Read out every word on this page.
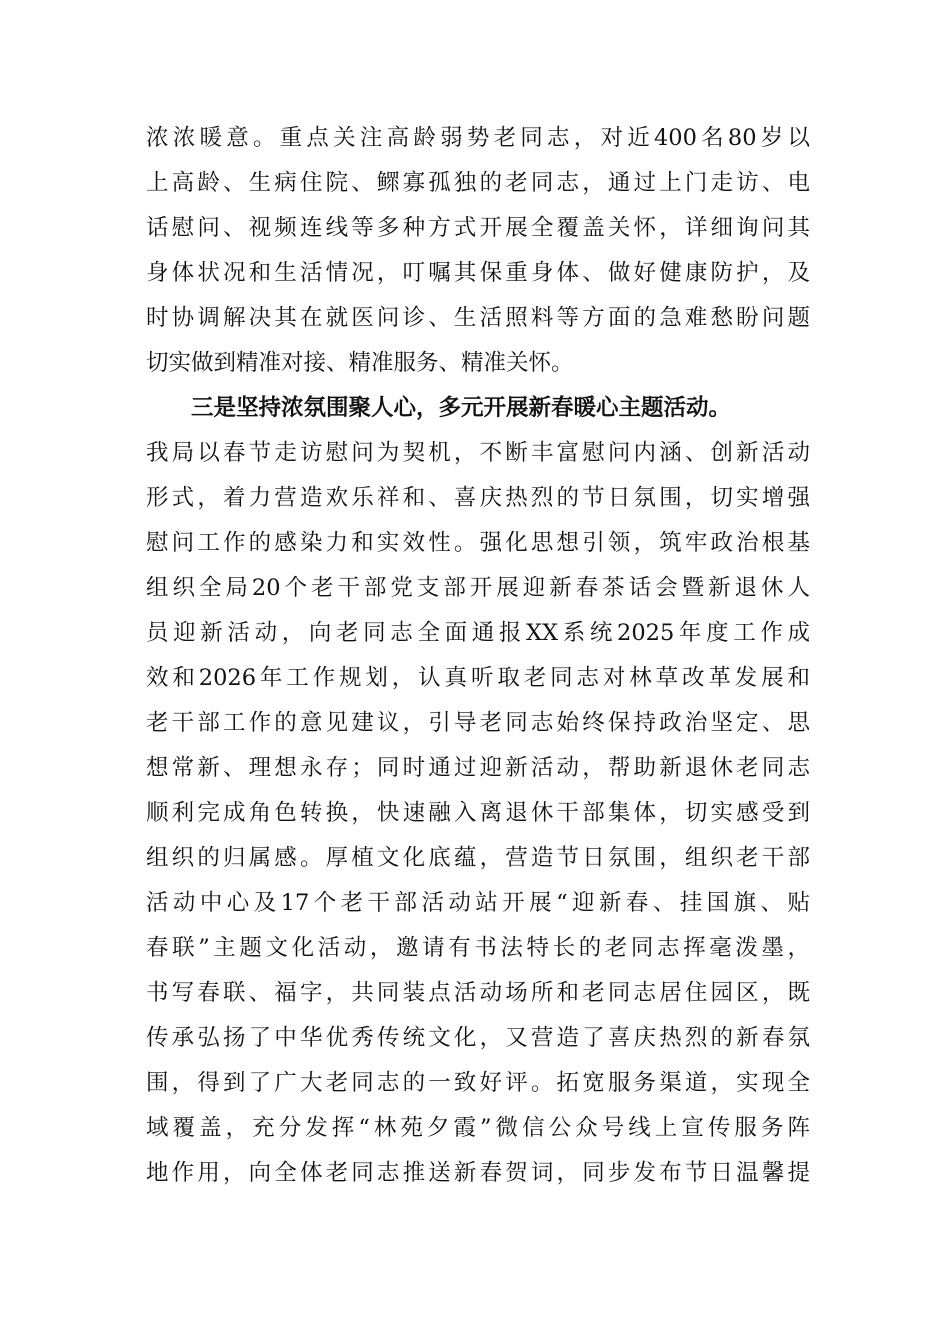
浓浓暖意。重点关注高龄弱势老同志，对近400名80岁以
上高龄、生病住院、鳏寡孤独的老同志，通过上门走访、电
话慰问、视频连线等多种方式开展全覆盖关怀，详细询问其
身体状况和生活情况，叮嘱其保重身体、做好健康防护，及
时协调解决其在就医问诊、生活照料等方面的急难愁盼问题
切实做到精准对接、精准服务、精准关怀。
三是坚持浓氛围聚人心，多元开展新春暖心主题活动。
我局以春节走访慰问为契机，不断丰富慰问内涵、创新活动
形式，着力营造欢乐祥和、喜庆热烈的节日氛围，切实增强
慰问工作的感染力和实效性。强化思想引领，筑牢政治根基
组织全局20个老干部党支部开展迎新春茶话会暨新退休人
员迎新活动，向老同志全面通报XX系统2025年度工作成
效和2026年工作规划，认真听取老同志对林草改革发展和
老干部工作的意见建议，引导老同志始终保持政治坚定、思
想常新、理想永存；同时通过迎新活动，帮助新退休老同志
顺利完成角色转换，快速融入离退休干部集体，切实感受到
组织的归属感。厚植文化底蕴，营造节日氛围，组织老干部
活动中心及17个老干部活动站开展“迎新春、挂国旗、贴
春联”主题文化活动，邀请有书法特长的老同志挥毫泼墨，
书写春联、福字，共同装点活动场所和老同志居住园区，既
传承弘扬了中华优秀传统文化，又营造了喜庆热烈的新春氛
围，得到了广大老同志的一致好评。拓宽服务渠道，实现全
域覆盖，充分发挥“林苑夕霞”微信公众号线上宣传服务阵
地作用，向全体老同志推送新春贺词，同步发布节日温馨提
